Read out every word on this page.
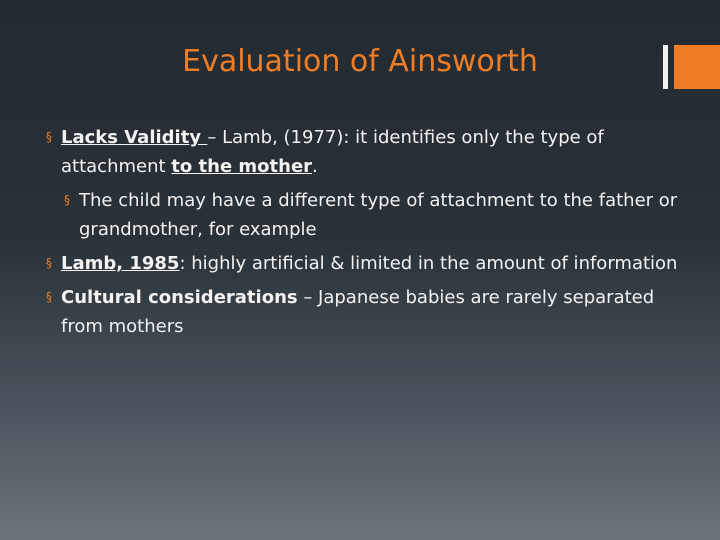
Evaluation of Ainsworth
§ Lacks Validity – Lamb, (1977): it identifies only the type of attachment to the mother.
§ The child may have a different type of attachment to the father or grandmother, for example
§ Lamb, 1985: highly artificial & limited in the amount of information
§ Cultural considerations – Japanese babies are rarely separated from mothers
